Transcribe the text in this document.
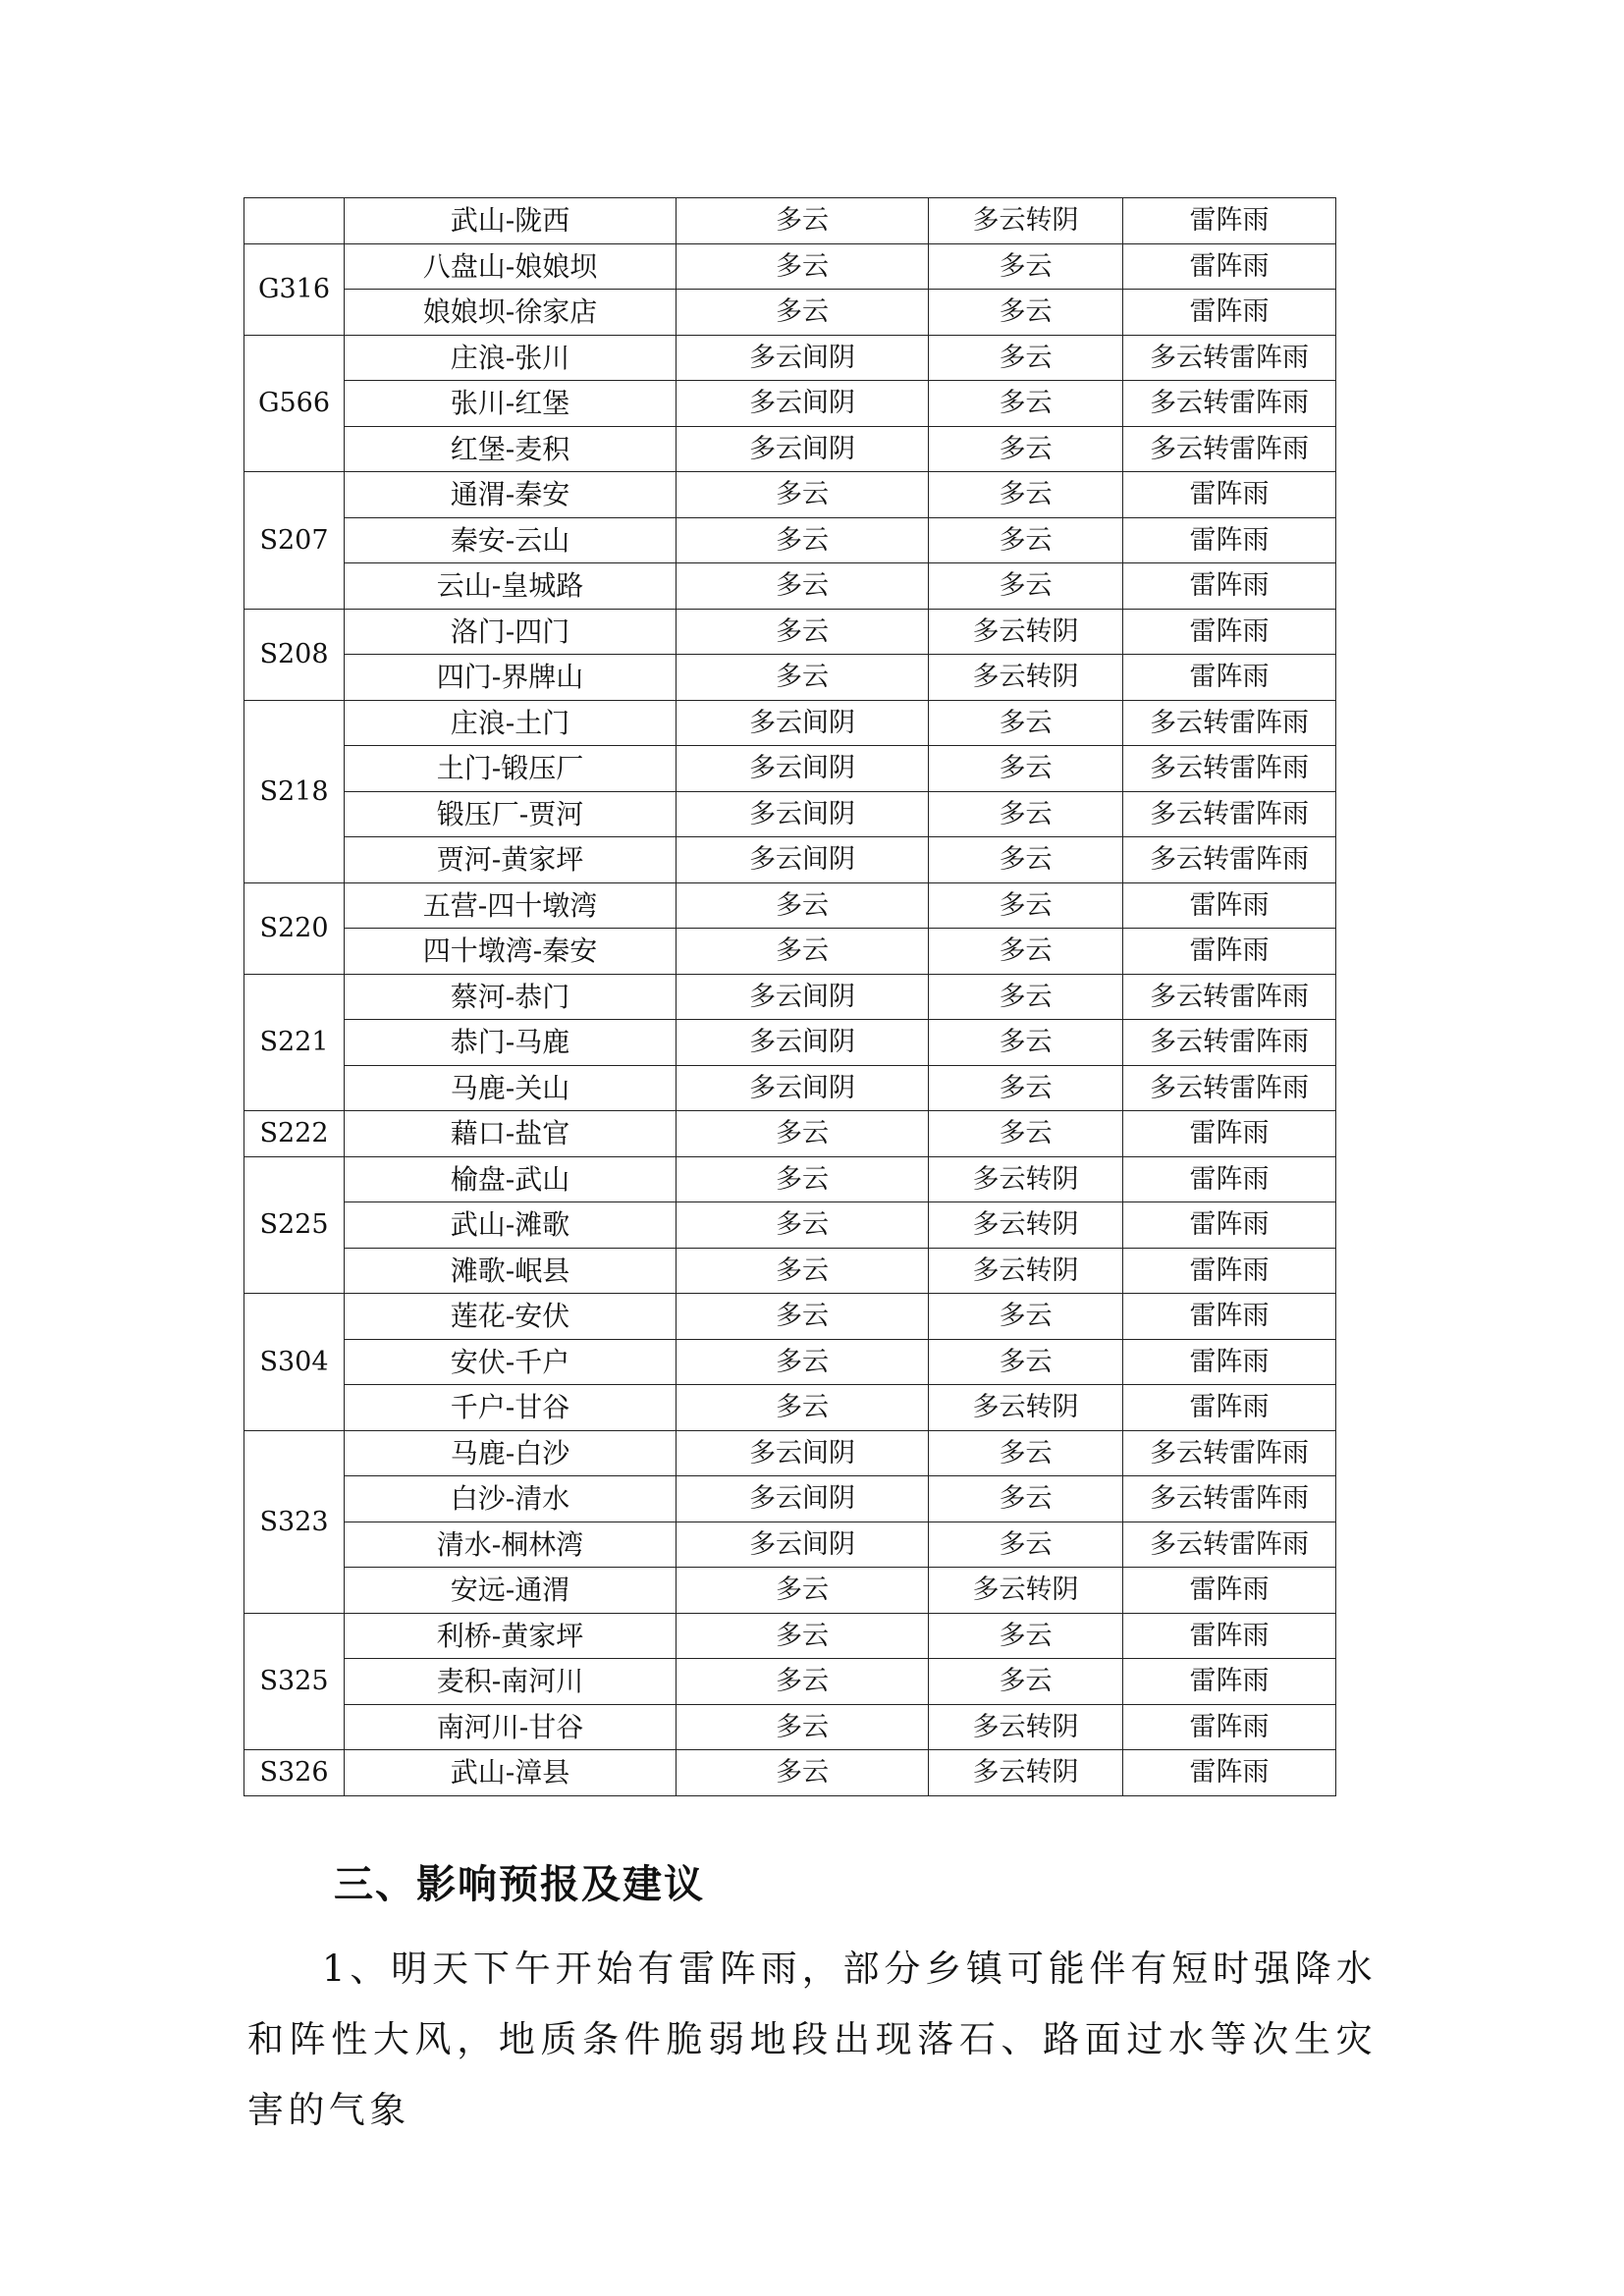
	武山-陇西	多云	多云转阴	雷阵雨
G316	八盘山-娘娘坝	多云	多云	雷阵雨
	娘娘坝-徐家店	多云	多云	雷阵雨
G566	庄浪-张川	多云间阴	多云	多云转雷阵雨
	张川-红堡	多云间阴	多云	多云转雷阵雨
	红堡-麦积	多云间阴	多云	多云转雷阵雨
S207	通渭-秦安	多云	多云	雷阵雨
	秦安-云山	多云	多云	雷阵雨
	云山-皇城路	多云	多云	雷阵雨
S208	洛门-四门	多云	多云转阴	雷阵雨
	四门-界牌山	多云	多云转阴	雷阵雨
S218	庄浪-土门	多云间阴	多云	多云转雷阵雨
	土门-锻压厂	多云间阴	多云	多云转雷阵雨
	锻压厂-贾河	多云间阴	多云	多云转雷阵雨
	贾河-黄家坪	多云间阴	多云	多云转雷阵雨
S220	五营-四十墩湾	多云	多云	雷阵雨
	四十墩湾-秦安	多云	多云	雷阵雨
S221	蔡河-恭门	多云间阴	多云	多云转雷阵雨
	恭门-马鹿	多云间阴	多云	多云转雷阵雨
	马鹿-关山	多云间阴	多云	多云转雷阵雨
S222	藉口-盐官	多云	多云	雷阵雨
S225	榆盘-武山	多云	多云转阴	雷阵雨
	武山-滩歌	多云	多云转阴	雷阵雨
	滩歌-岷县	多云	多云转阴	雷阵雨
S304	莲花-安伏	多云	多云	雷阵雨
	安伏-千户	多云	多云	雷阵雨
	千户-甘谷	多云	多云转阴	雷阵雨
S323	马鹿-白沙	多云间阴	多云	多云转雷阵雨
	白沙-清水	多云间阴	多云	多云转雷阵雨
	清水-桐林湾	多云间阴	多云	多云转雷阵雨
	安远-通渭	多云	多云转阴	雷阵雨
S325	利桥-黄家坪	多云	多云	雷阵雨
	麦积-南河川	多云	多云	雷阵雨
	南河川-甘谷	多云	多云转阴	雷阵雨
S326	武山-漳县	多云	多云转阴	雷阵雨
三、影响预报及建议
1、明天下午开始有雷阵雨，部分乡镇可能伴有短时强降水和阵性大风，地质条件脆弱地段出现落石、路面过水等次生灾害的气象
